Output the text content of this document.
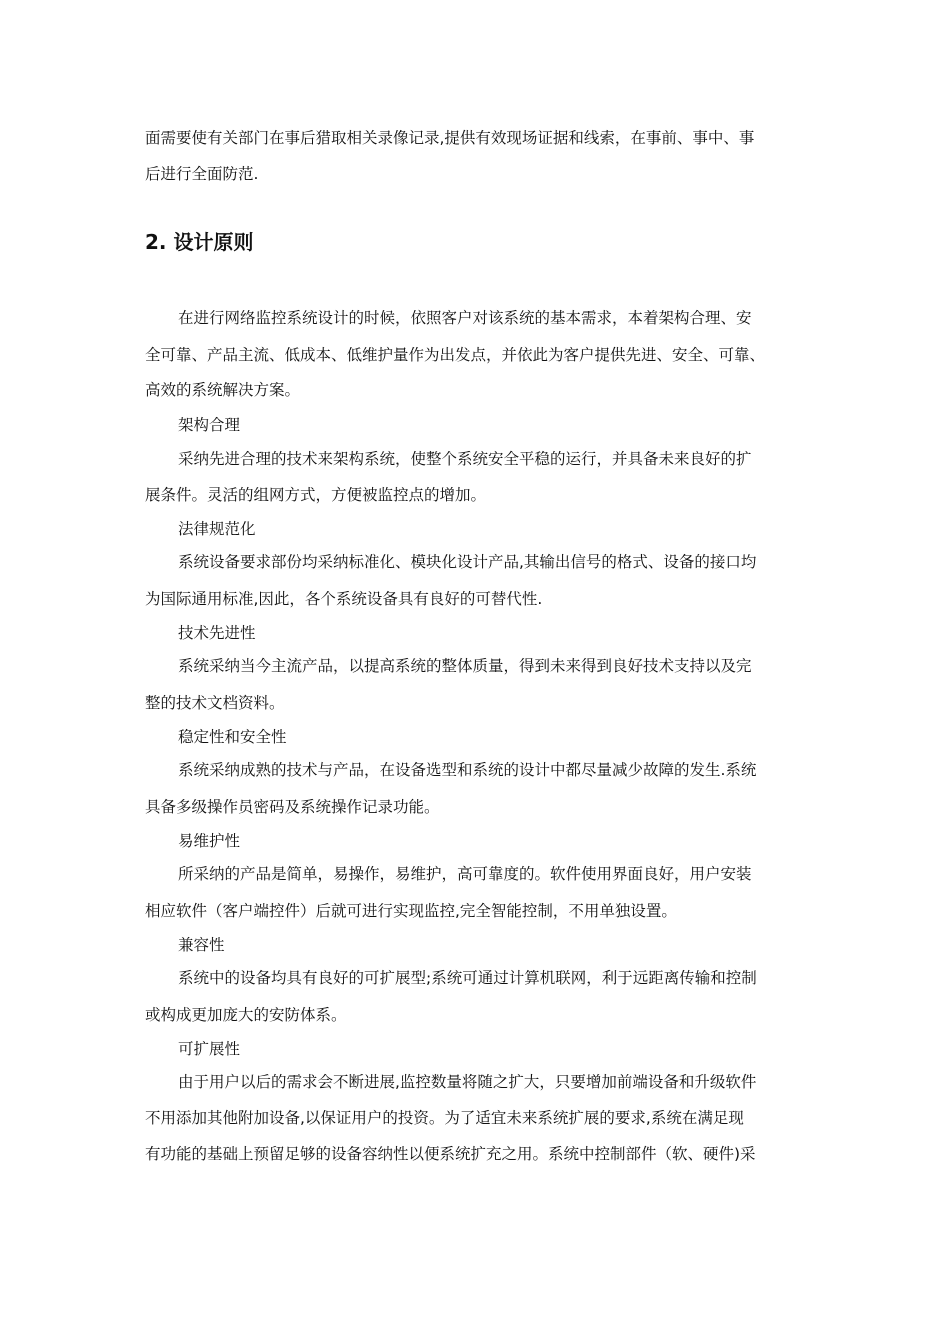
面需要使有关部门在事后猎取相关录像记录,提供有效现场证据和线索，在事前、事中、事
后进行全面防范.
2. 设计原则
在进行网络监控系统设计的时候，依照客户对该系统的基本需求，本着架构合理、安
全可靠、产品主流、低成本、低维护量作为出发点，并依此为客户提供先进、安全、可靠、
高效的系统解决方案。
架构合理
采纳先进合理的技术来架构系统，使整个系统安全平稳的运行，并具备未来良好的扩
展条件。灵活的组网方式，方便被监控点的增加。
法律规范化
系统设备要求部份均采纳标准化、模块化设计产品,其输出信号的格式、设备的接口均
为国际通用标准,因此，各个系统设备具有良好的可替代性.
技术先进性
系统采纳当今主流产品，以提高系统的整体质量，得到未来得到良好技术支持以及完
整的技术文档资料。
稳定性和安全性
系统采纳成熟的技术与产品，在设备选型和系统的设计中都尽量减少故障的发生.系统
具备多级操作员密码及系统操作记录功能。
易维护性
所采纳的产品是简单，易操作，易维护，高可靠度的。软件使用界面良好，用户安装
相应软件（客户端控件）后就可进行实现监控,完全智能控制，不用单独设置。
兼容性
系统中的设备均具有良好的可扩展型;系统可通过计算机联网，利于远距离传输和控制
或构成更加庞大的安防体系。
可扩展性
由于用户以后的需求会不断进展,监控数量将随之扩大，只要增加前端设备和升级软件
不用添加其他附加设备,以保证用户的投资。为了适宜未来系统扩展的要求,系统在满足现
有功能的基础上预留足够的设备容纳性以便系统扩充之用。系统中控制部件（软、硬件)采
